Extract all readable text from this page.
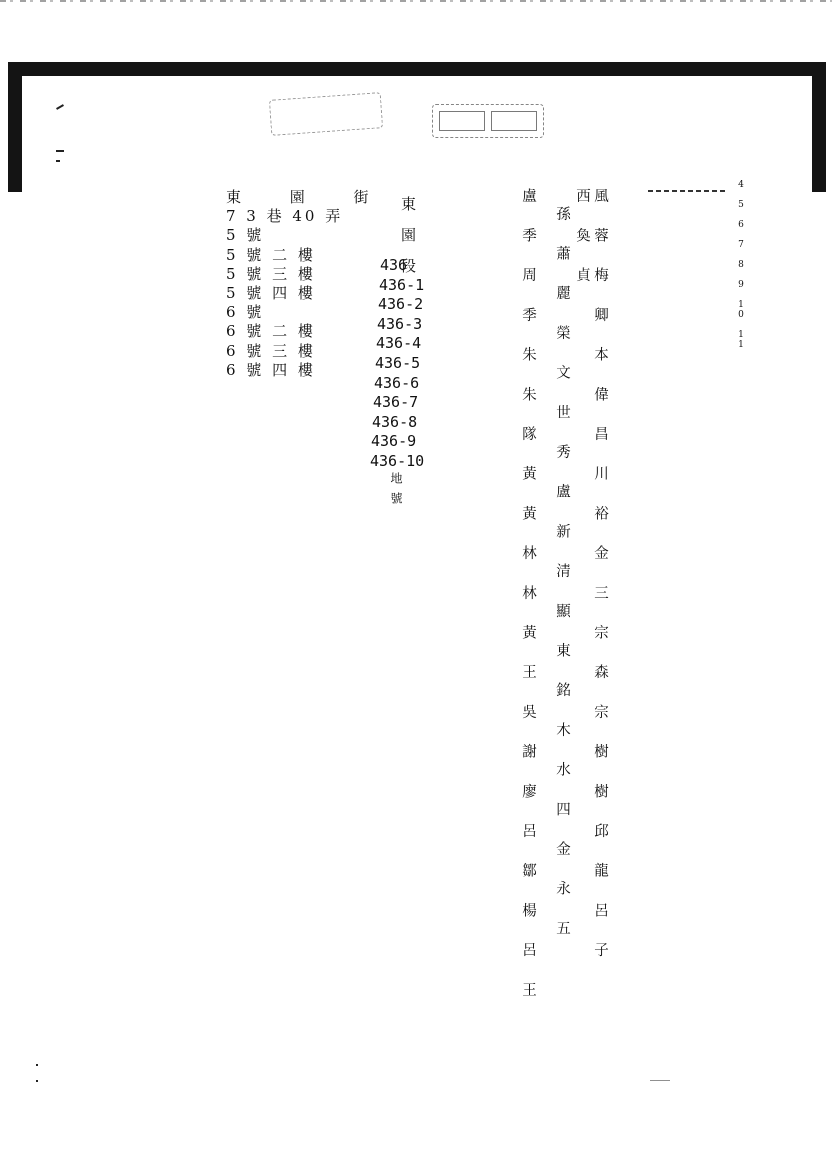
4 5 6 7 8 9 10 11
東 園 街
7 3 巷 40 弄
5 號
5 號 二 樓
5 號 三 樓
5 號 四 樓
6 號
6 號 二 樓
6 號 三 樓
6 號 四 樓
東園段
436
436-1
436-2
436-3
436-4
436-5
436-6
436-7
436-8
436-9
436-10
地號	風 蓉 梅 卿 本 偉 昌 川 裕 金 三 宗 森 宗 樹 樹 邱 龍 呂 子
西 奐 貞
孫 蕭 麗 榮 文 世 秀 盧 新 清 顯 東 銘 木 水 四 金 永 五
盧 季 周 季 朱 朱 隊 黃 黃 林 林 黃 王 吳 謝 廖 呂 鄒 楊 呂 王
